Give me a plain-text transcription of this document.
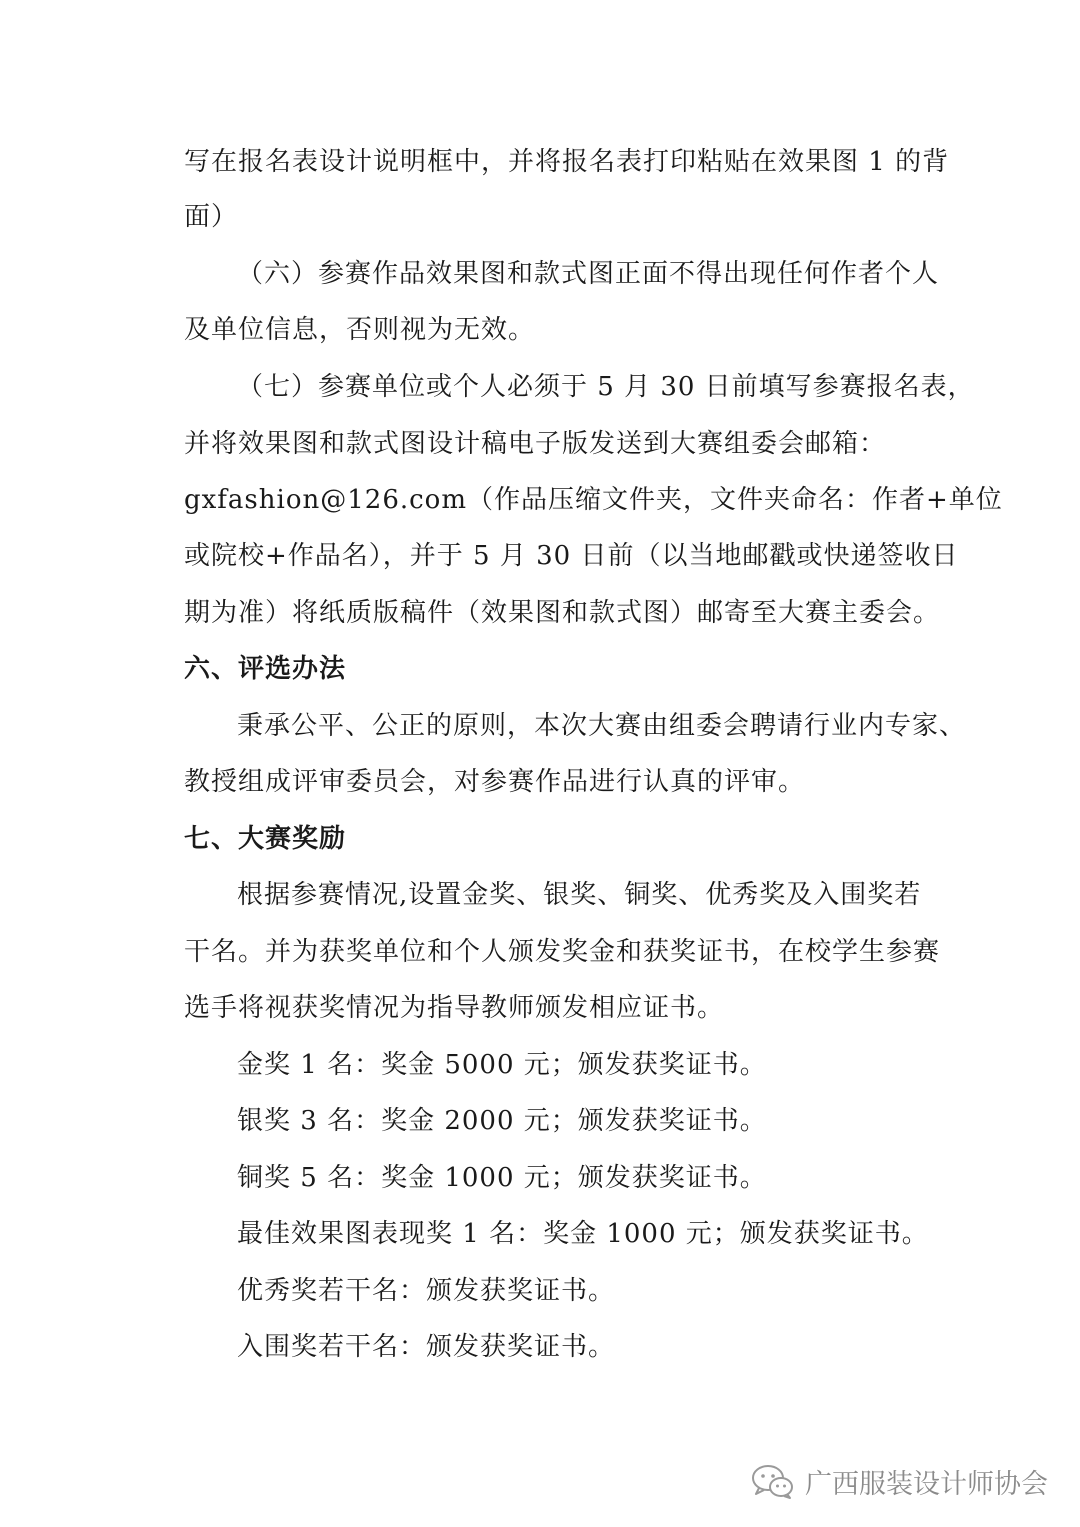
写在报名表设计说明框中，并将报名表打印粘贴在效果图 1 的背
面）
（六）参赛作品效果图和款式图正面不得出现任何作者个人
及单位信息，否则视为无效。
（七）参赛单位或个人必须于 5 月 30 日前填写参赛报名表，
并将效果图和款式图设计稿电子版发送到大赛组委会邮箱：
gxfashion@126.com（作品压缩文件夹，文件夹命名：作者+单位
或院校+作品名），并于 5 月 30 日前（以当地邮戳或快递签收日
期为准）将纸质版稿件（效果图和款式图）邮寄至大赛主委会。
六、评选办法
秉承公平、公正的原则，本次大赛由组委会聘请行业内专家、
教授组成评审委员会，对参赛作品进行认真的评审。
七、大赛奖励
根据参赛情况,设置金奖、银奖、铜奖、优秀奖及入围奖若
干名。并为获奖单位和个人颁发奖金和获奖证书，在校学生参赛
选手将视获奖情况为指导教师颁发相应证书。
金奖 1 名：奖金 5000 元；颁发获奖证书。
银奖 3 名：奖金 2000 元；颁发获奖证书。
铜奖 5 名：奖金 1000 元；颁发获奖证书。
最佳效果图表现奖 1 名：奖金 1000 元；颁发获奖证书。
优秀奖若干名：颁发获奖证书。
入围奖若干名：颁发获奖证书。
广西服装设计师协会
